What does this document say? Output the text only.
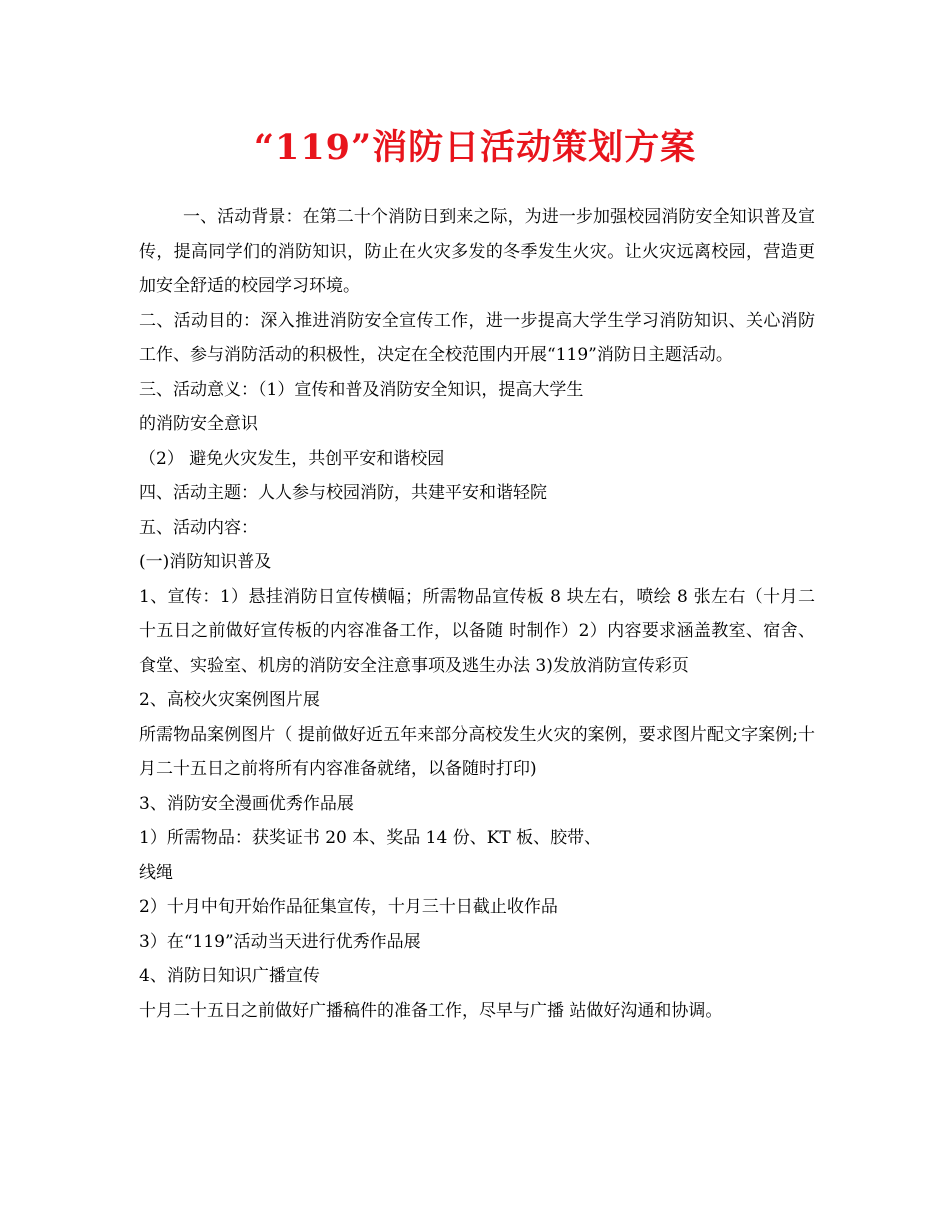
“119”消防日活动策划方案

一、活动背景：在第二十个消防日到来之际，为进一步加强校园消防安全知识普及宣传，提高同学们的消防知识，防止在火灾多发的冬季发生火灾。让火灾远离校园，营造更加安全舒适的校园学习环境。

二、活动目的：深入推进消防安全宣传工作，进一步提高大学生学习消防知识、关心消防工作、参与消防活动的积极性，决定在全校范围内开展“119”消防日主题活动。

三、活动意义：（1）宣传和普及消防安全知识，提高大学生

的消防安全意识

（2） 避免火灾发生，共创平安和谐校园

四、活动主题：人人参与校园消防，共建平安和谐轻院

五、活动内容：

(一)消防知识普及

1、宣传：1）悬挂消防日宣传横幅；所需物品宣传板 8 块左右，喷绘 8 张左右（十月二十五日之前做好宣传板的内容准备工作，以备随 时制作）2）内容要求涵盖教室、宿舍、食堂、实验室、机房的消防安全注意事项及逃生办法 3)发放消防宣传彩页

2、高校火灾案例图片展

所需物品案例图片（ 提前做好近五年来部分高校发生火灾的案例，要求图片配文字案例;十月二十五日之前将所有内容准备就绪，以备随时打印)

3、消防安全漫画优秀作品展

1）所需物品：获奖证书 20 本、奖品 14 份、KT 板、胶带、

线绳

2）十月中旬开始作品征集宣传，十月三十日截止收作品

3）在“119”活动当天进行优秀作品展

4、消防日知识广播宣传

十月二十五日之前做好广播稿件的准备工作，尽早与广播 站做好沟通和协调。
